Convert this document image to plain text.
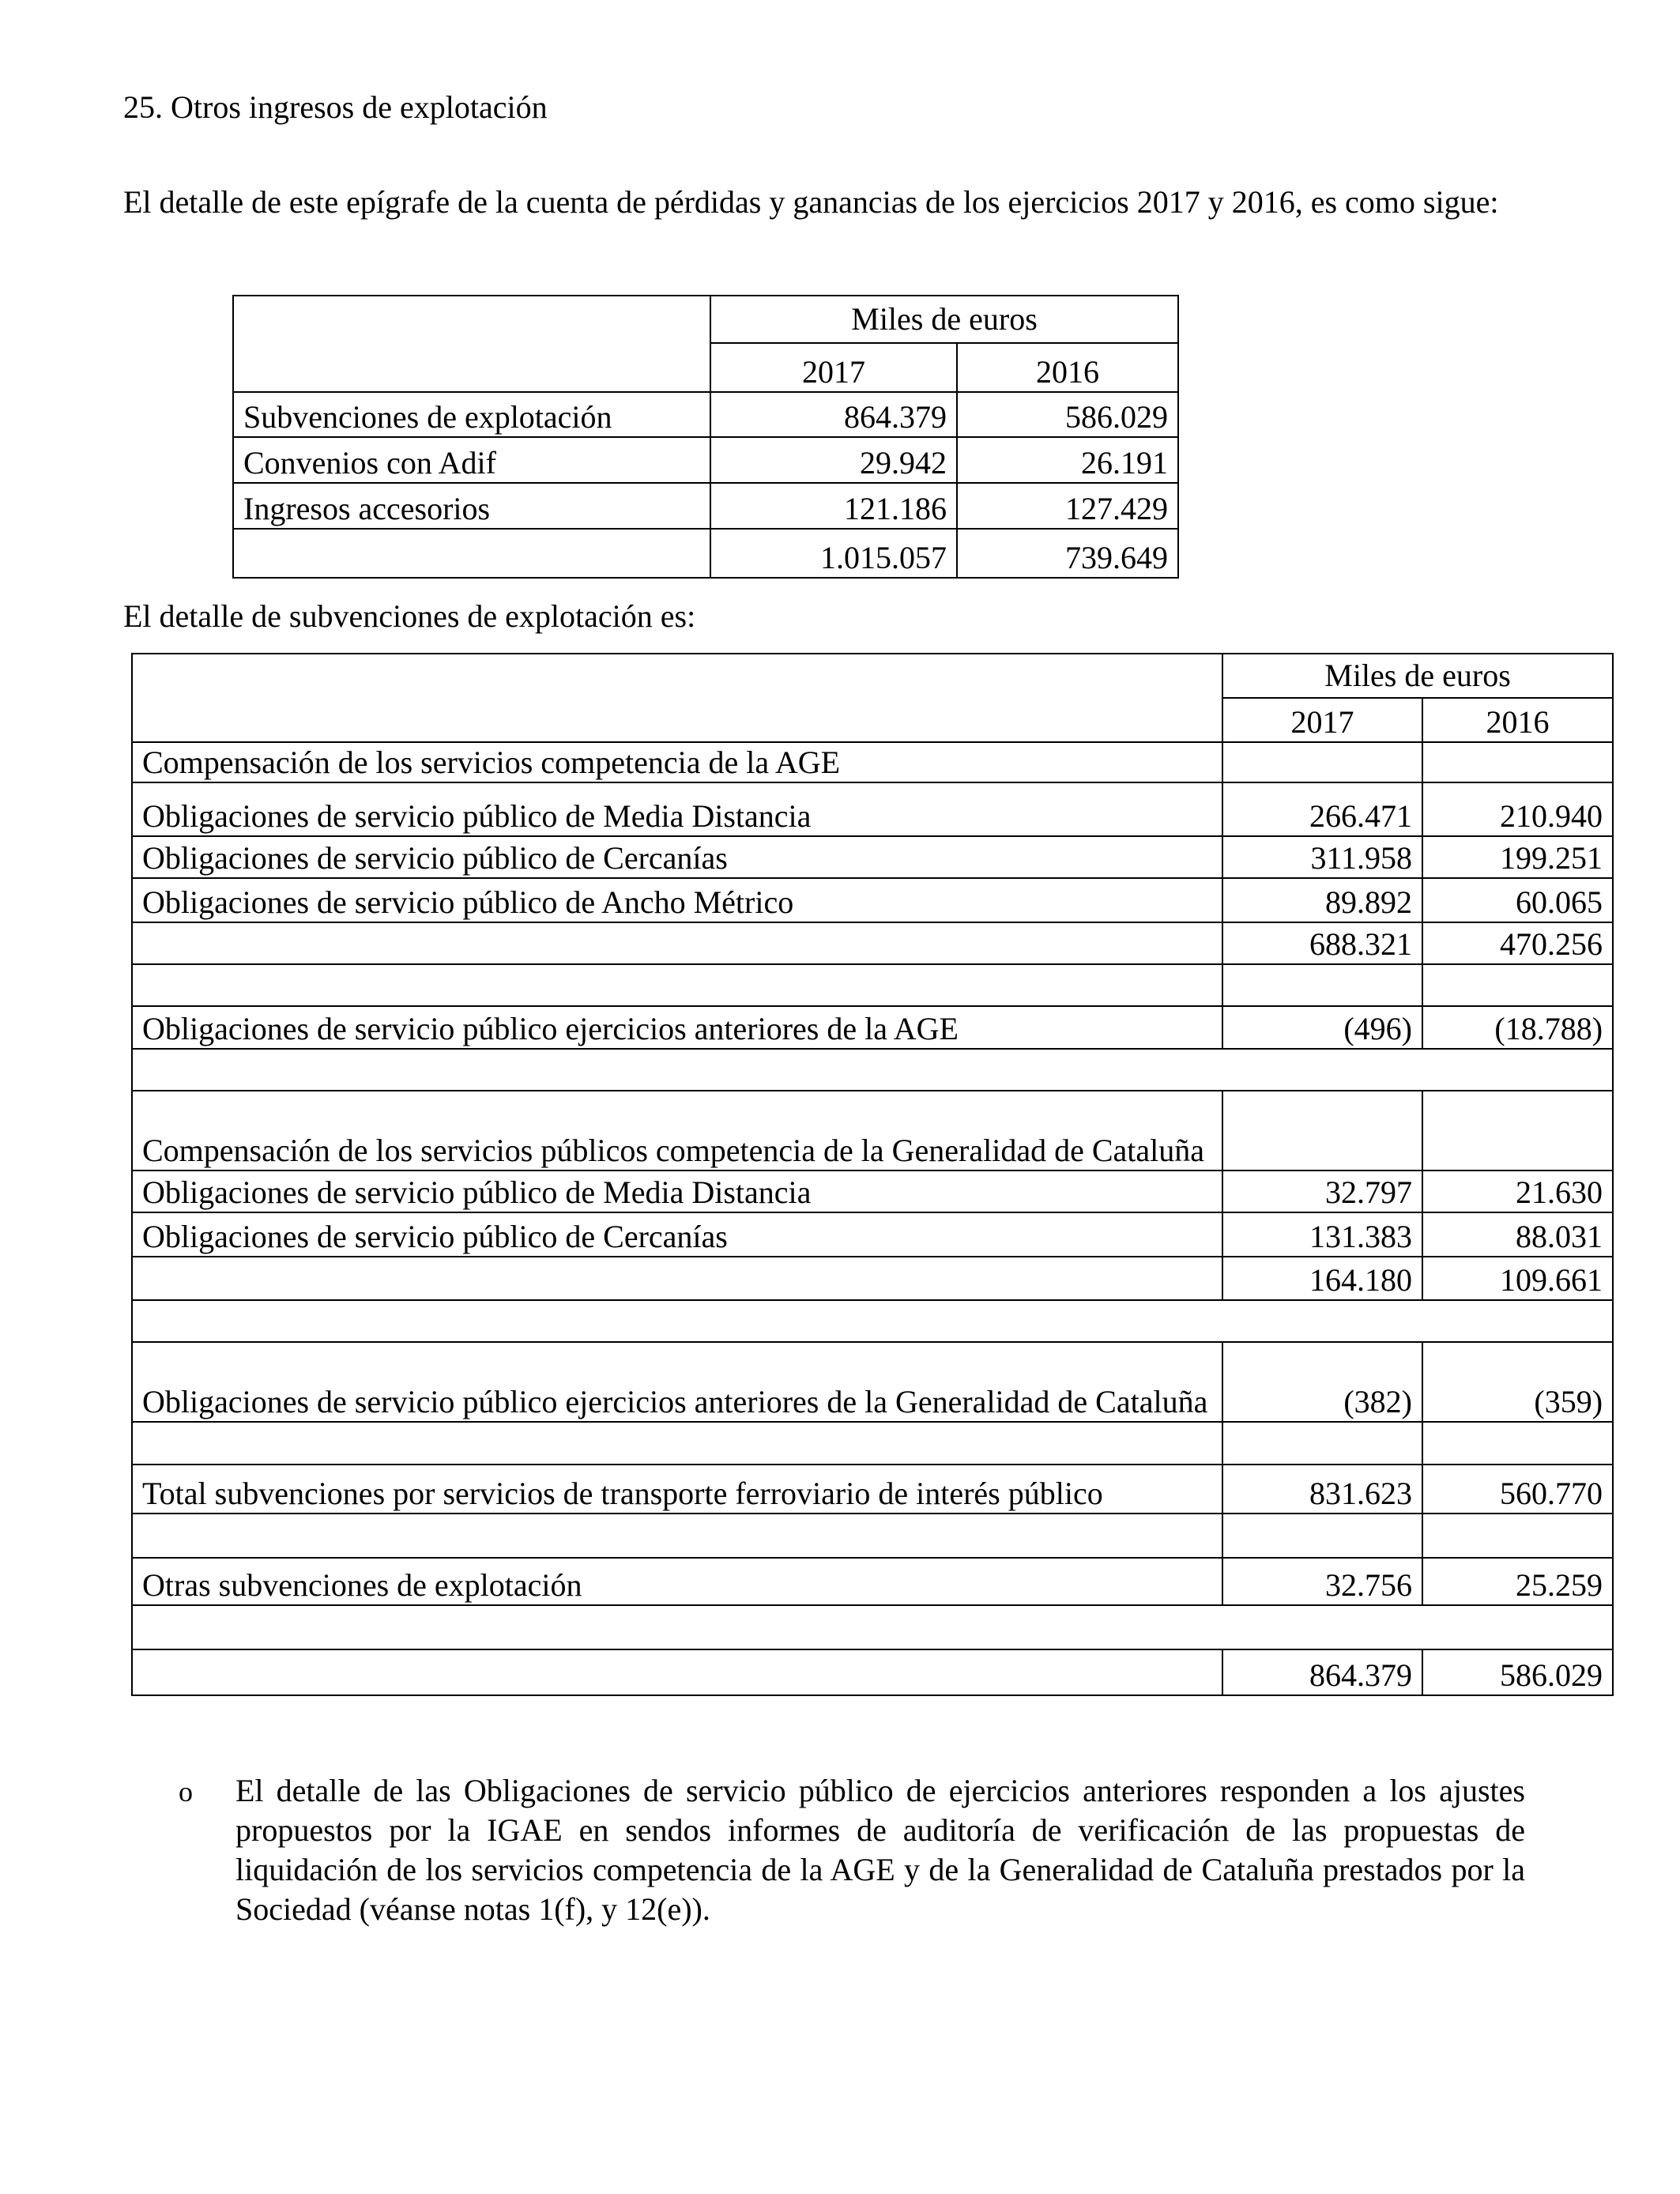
25. Otros ingresos de explotación
El detalle de este epígrafe de la cuenta de pérdidas y ganancias de los ejercicios 2017 y 2016, es como sigue:
	Miles de euros	
	2017	2016
Subvenciones de explotación	864.379	586.029
Convenios con Adif	29.942	26.191
Ingresos accesorios	121.186	127.429
	1.015.057	739.649
El detalle de subvenciones de explotación es:
	Miles de euros	
	2017	2016
Compensación de los servicios competencia de la AGE		
Obligaciones de servicio público de Media Distancia	266.471	210.940
Obligaciones de servicio público de Cercanías	311.958	199.251
Obligaciones de servicio público de Ancho Métrico	89.892	60.065
	688.321	470.256

Obligaciones de servicio público ejercicios anteriores de la AGE	(496)	(18.788)

Compensación de los servicios públicos competencia de la Generalidad de Cataluña		
Obligaciones de servicio público de Media Distancia	32.797	21.630
Obligaciones de servicio público de Cercanías	131.383	88.031
	164.180	109.661

Obligaciones de servicio público ejercicios anteriores de la Generalidad de Cataluña	(382)	(359)

Total subvenciones por servicios de transporte ferroviario de interés público	831.623	560.770

Otras subvenciones de explotación	32.756	25.259

	864.379	586.029
o El detalle de las Obligaciones de servicio público de ejercicios anteriores responden a los ajustes propuestos por la IGAE en sendos informes de auditoría de verificación de las propuestas de liquidación de los servicios competencia de la AGE y de la Generalidad de Cataluña prestados por la Sociedad (véanse notas 1(f), y 12(e)).
